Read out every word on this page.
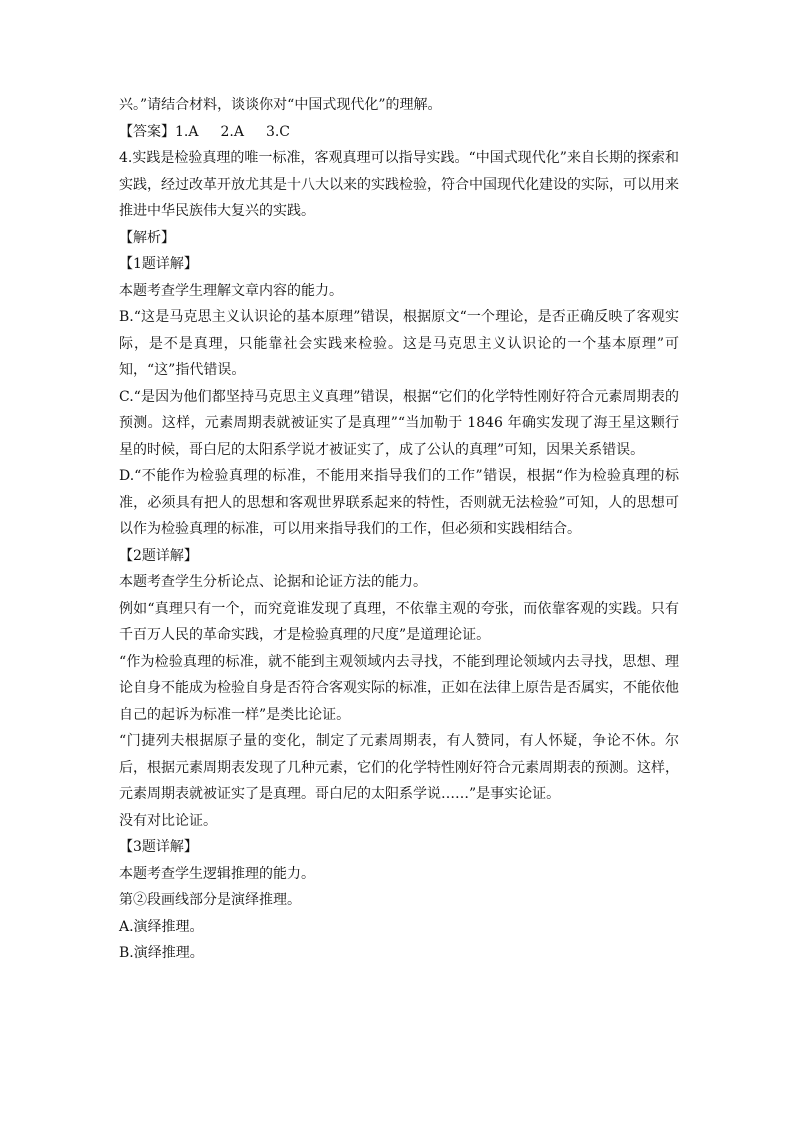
兴。”请结合材料，谈谈你对“中国式现代化”的理解。

【答案】1.A 2.A 3.C

4.实践是检验真理的唯一标准，客观真理可以指导实践。“中国式现代化”来自长期的探索和实践，经过改革开放尤其是十八大以来的实践检验，符合中国现代化建设的实际，可以用来推进中华民族伟大复兴的实践。

【解析】

【1题详解】

本题考查学生理解文章内容的能力。

B.“这是马克思主义认识论的基本原理”错误，根据原文“一个理论，是否正确反映了客观实际，是不是真理，只能靠社会实践来检验。这是马克思主义认识论的一个基本原理”可知，“这”指代错误。

C.“是因为他们都坚持马克思主义真理”错误，根据“它们的化学特性刚好符合元素周期表的预测。这样，元素周期表就被证实了是真理”“当加勒于 1846 年确实发现了海王星这颗行星的时候，哥白尼的太阳系学说才被证实了，成了公认的真理”可知，因果关系错误。

D.“不能作为检验真理的标准，不能用来指导我们的工作”错误，根据“作为检验真理的标准，必须具有把人的思想和客观世界联系起来的特性，否则就无法检验”可知，人的思想可以作为检验真理的标准，可以用来指导我们的工作，但必须和实践相结合。

【2题详解】

本题考查学生分析论点、论据和论证方法的能力。

例如“真理只有一个，而究竟谁发现了真理，不依靠主观的夸张，而依靠客观的实践。只有千百万人民的革命实践，才是检验真理的尺度”是道理论证。

“作为检验真理的标准，就不能到主观领域内去寻找，不能到理论领域内去寻找，思想、理论自身不能成为检验自身是否符合客观实际的标准，正如在法律上原告是否属实，不能依他自己的起诉为标准一样”是类比论证。

“门捷列夫根据原子量的变化，制定了元素周期表，有人赞同，有人怀疑，争论不休。尔后，根据元素周期表发现了几种元素，它们的化学特性刚好符合元素周期表的预测。这样，元素周期表就被证实了是真理。哥白尼的太阳系学说……”是事实论证。

没有对比论证。

【3题详解】

本题考查学生逻辑推理的能力。

第②段画线部分是演绎推理。

A.演绎推理。

B.演绎推理。
